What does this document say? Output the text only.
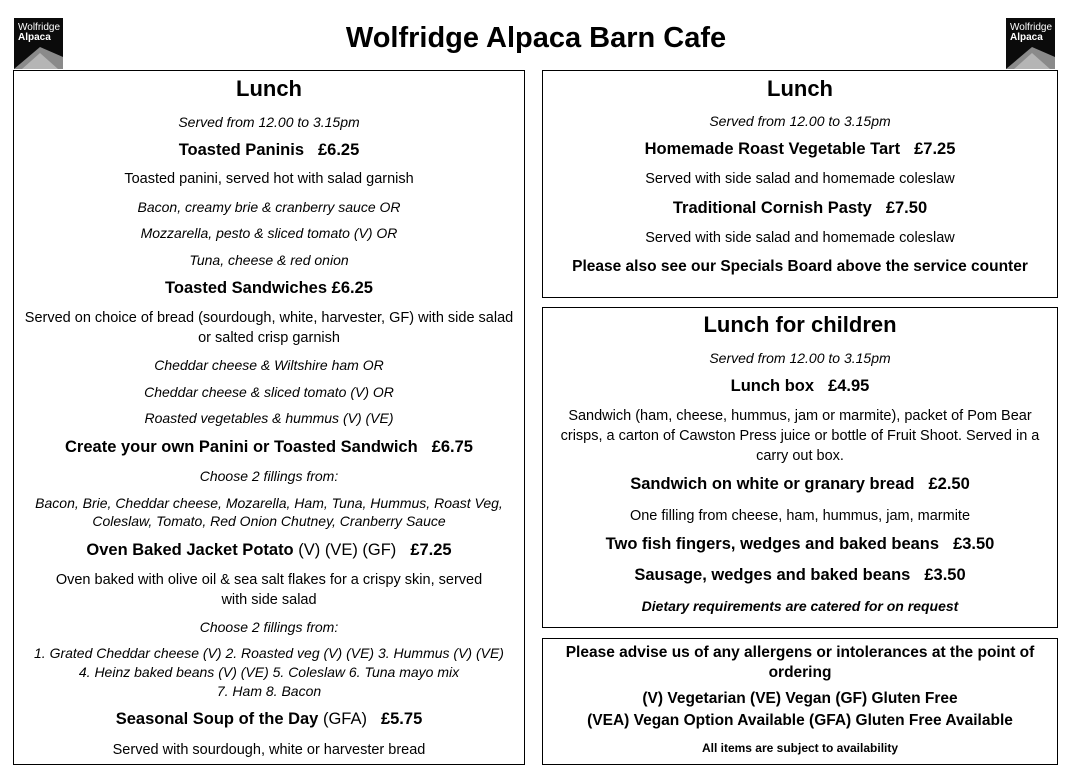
Wolfridge
Alpaca
Wolfridge
Alpaca
Wolfridge Alpaca Barn Cafe
Lunch
Served from 12.00 to 3.15pm
Toasted Paninis £6.25
Toasted panini, served hot with salad garnish
Bacon, creamy brie & cranberry sauce OR
Mozzarella, pesto & sliced tomato (V) OR
Tuna, cheese & red onion
Toasted Sandwiches £6.25
Served on choice of bread (sourdough, white, harvester, GF) with side salad or salted crisp garnish
Cheddar cheese & Wiltshire ham OR
Cheddar cheese & sliced tomato (V) OR
Roasted vegetables & hummus (V) (VE)
Create your own Panini or Toasted Sandwich £6.75
Choose 2 fillings from:
Bacon, Brie, Cheddar cheese, Mozarella, Ham, Tuna, Hummus, Roast Veg,
Coleslaw, Tomato, Red Onion Chutney, Cranberry Sauce
Oven Baked Jacket Potato (V) (VE) (GF) £7.25
Oven baked with olive oil & sea salt flakes for a crispy skin, served with side salad
Choose 2 fillings from:
1. Grated Cheddar cheese (V) 2. Roasted veg (V) (VE) 3. Hummus (V) (VE)
4. Heinz baked beans (V) (VE) 5. Coleslaw 6. Tuna mayo mix
7. Ham 8. Bacon
Seasonal Soup of the Day (GFA) £5.75
Served with sourdough, white or harvester bread
Lunch
Served from 12.00 to 3.15pm
Homemade Roast Vegetable Tart £7.25
Served with side salad and homemade coleslaw
Traditional Cornish Pasty £7.50
Served with side salad and homemade coleslaw
Please also see our Specials Board above the service counter
Lunch for children
Served from 12.00 to 3.15pm
Lunch box £4.95
Sandwich (ham, cheese, hummus, jam or marmite), packet of Pom Bear crisps, a carton of Cawston Press juice or bottle of Fruit Shoot. Served in a carry out box.
Sandwich on white or granary bread £2.50
One filling from cheese, ham, hummus, jam, marmite
Two fish fingers, wedges and baked beans £3.50
Sausage, wedges and baked beans £3.50
Dietary requirements are catered for on request
Please advise us of any allergens or intolerances at the point of ordering
(V) Vegetarian (VE) Vegan (GF) Gluten Free
(VEA) Vegan Option Available (GFA) Gluten Free Available
All items are subject to availability
